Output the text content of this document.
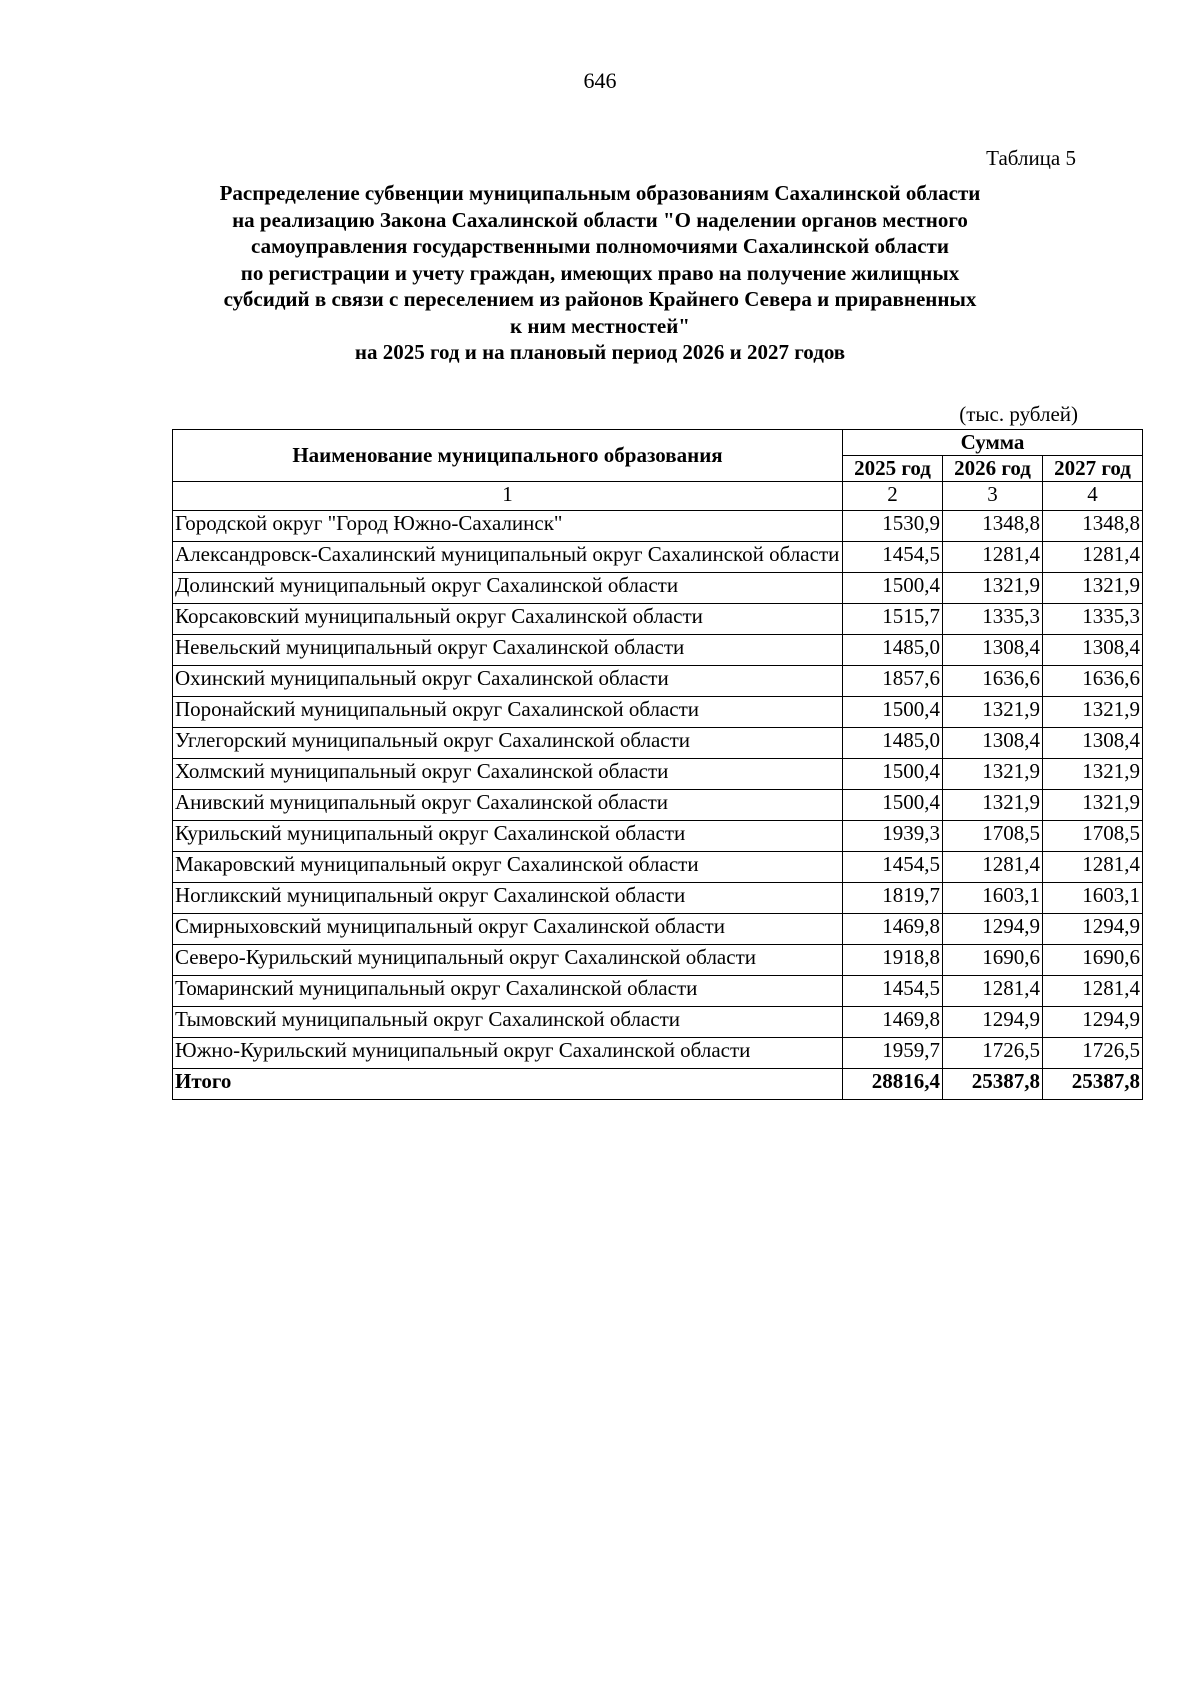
646
Таблица 5
Распределение субвенции муниципальным образованиям Сахалинской области
на реализацию Закона Сахалинской области "О наделении органов местного
самоуправления государственными полномочиями Сахалинской области
по регистрации и учету граждан, имеющих право на получение жилищных
субсидий в связи с переселением из районов Крайнего Севера и приравненных
к ним местностей"
на 2025 год и на плановый период 2026 и 2027 годов
(тыс. рублей)
Наименование муниципального образования	Сумма		
	2025 год	2026 год	2027 год
1	2	3	4
Городской округ "Город Южно-Сахалинск"	1530,9	1348,8	1348,8
Александровск-Сахалинский муниципальный округ Сахалинской области	1454,5	1281,4	1281,4
Долинский муниципальный округ Сахалинской области	1500,4	1321,9	1321,9
Корсаковский муниципальный округ Сахалинской области	1515,7	1335,3	1335,3
Невельский муниципальный округ Сахалинской области	1485,0	1308,4	1308,4
Охинский муниципальный округ Сахалинской области	1857,6	1636,6	1636,6
Поронайский муниципальный округ Сахалинской области	1500,4	1321,9	1321,9
Углегорский муниципальный округ Сахалинской области	1485,0	1308,4	1308,4
Холмский муниципальный округ Сахалинской области	1500,4	1321,9	1321,9
Анивский муниципальный округ Сахалинской области	1500,4	1321,9	1321,9
Курильский муниципальный округ Сахалинской области	1939,3	1708,5	1708,5
Макаровский муниципальный округ Сахалинской области	1454,5	1281,4	1281,4
Ногликский муниципальный округ Сахалинской области	1819,7	1603,1	1603,1
Смирныховский муниципальный округ Сахалинской области	1469,8	1294,9	1294,9
Северо-Курильский муниципальный округ Сахалинской области	1918,8	1690,6	1690,6
Томаринский муниципальный округ Сахалинской области	1454,5	1281,4	1281,4
Тымовский муниципальный округ Сахалинской области	1469,8	1294,9	1294,9
Южно-Курильский муниципальный округ Сахалинской области	1959,7	1726,5	1726,5
Итого	28816,4	25387,8	25387,8
